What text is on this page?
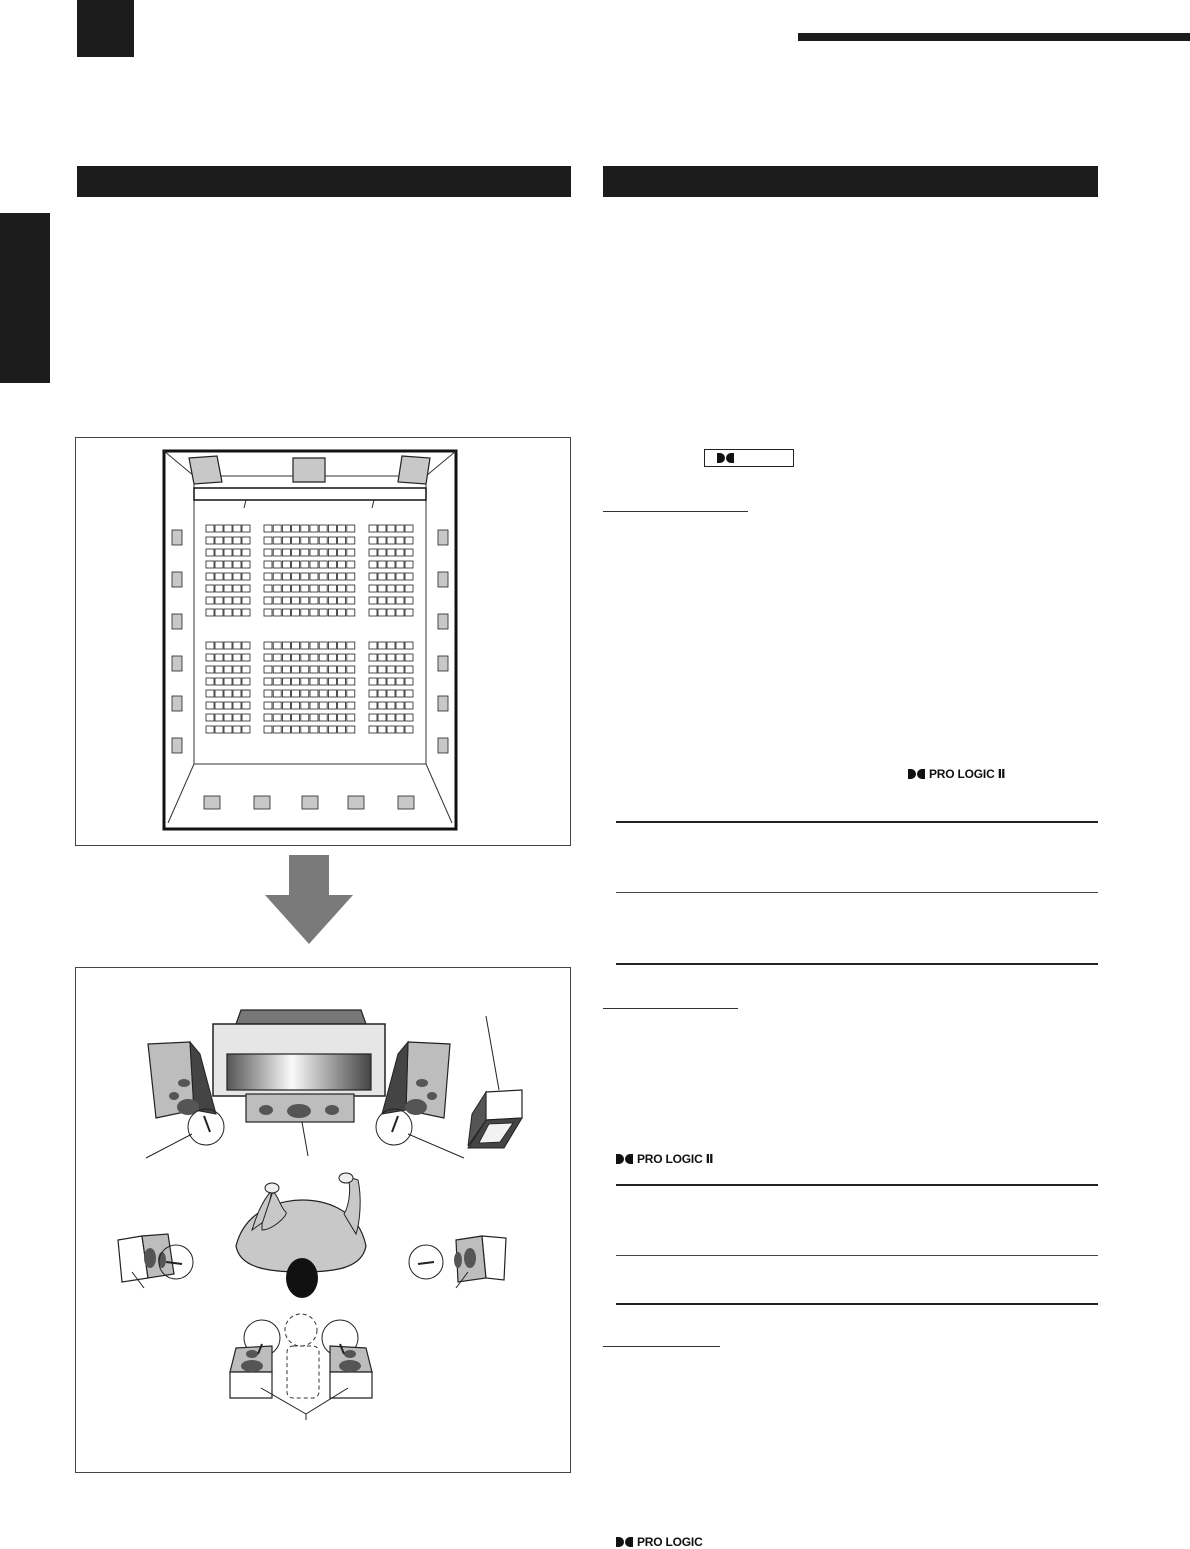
PRO LOGIC Ⅱ
PRO LOGIC Ⅱ
PRO LOGIC
